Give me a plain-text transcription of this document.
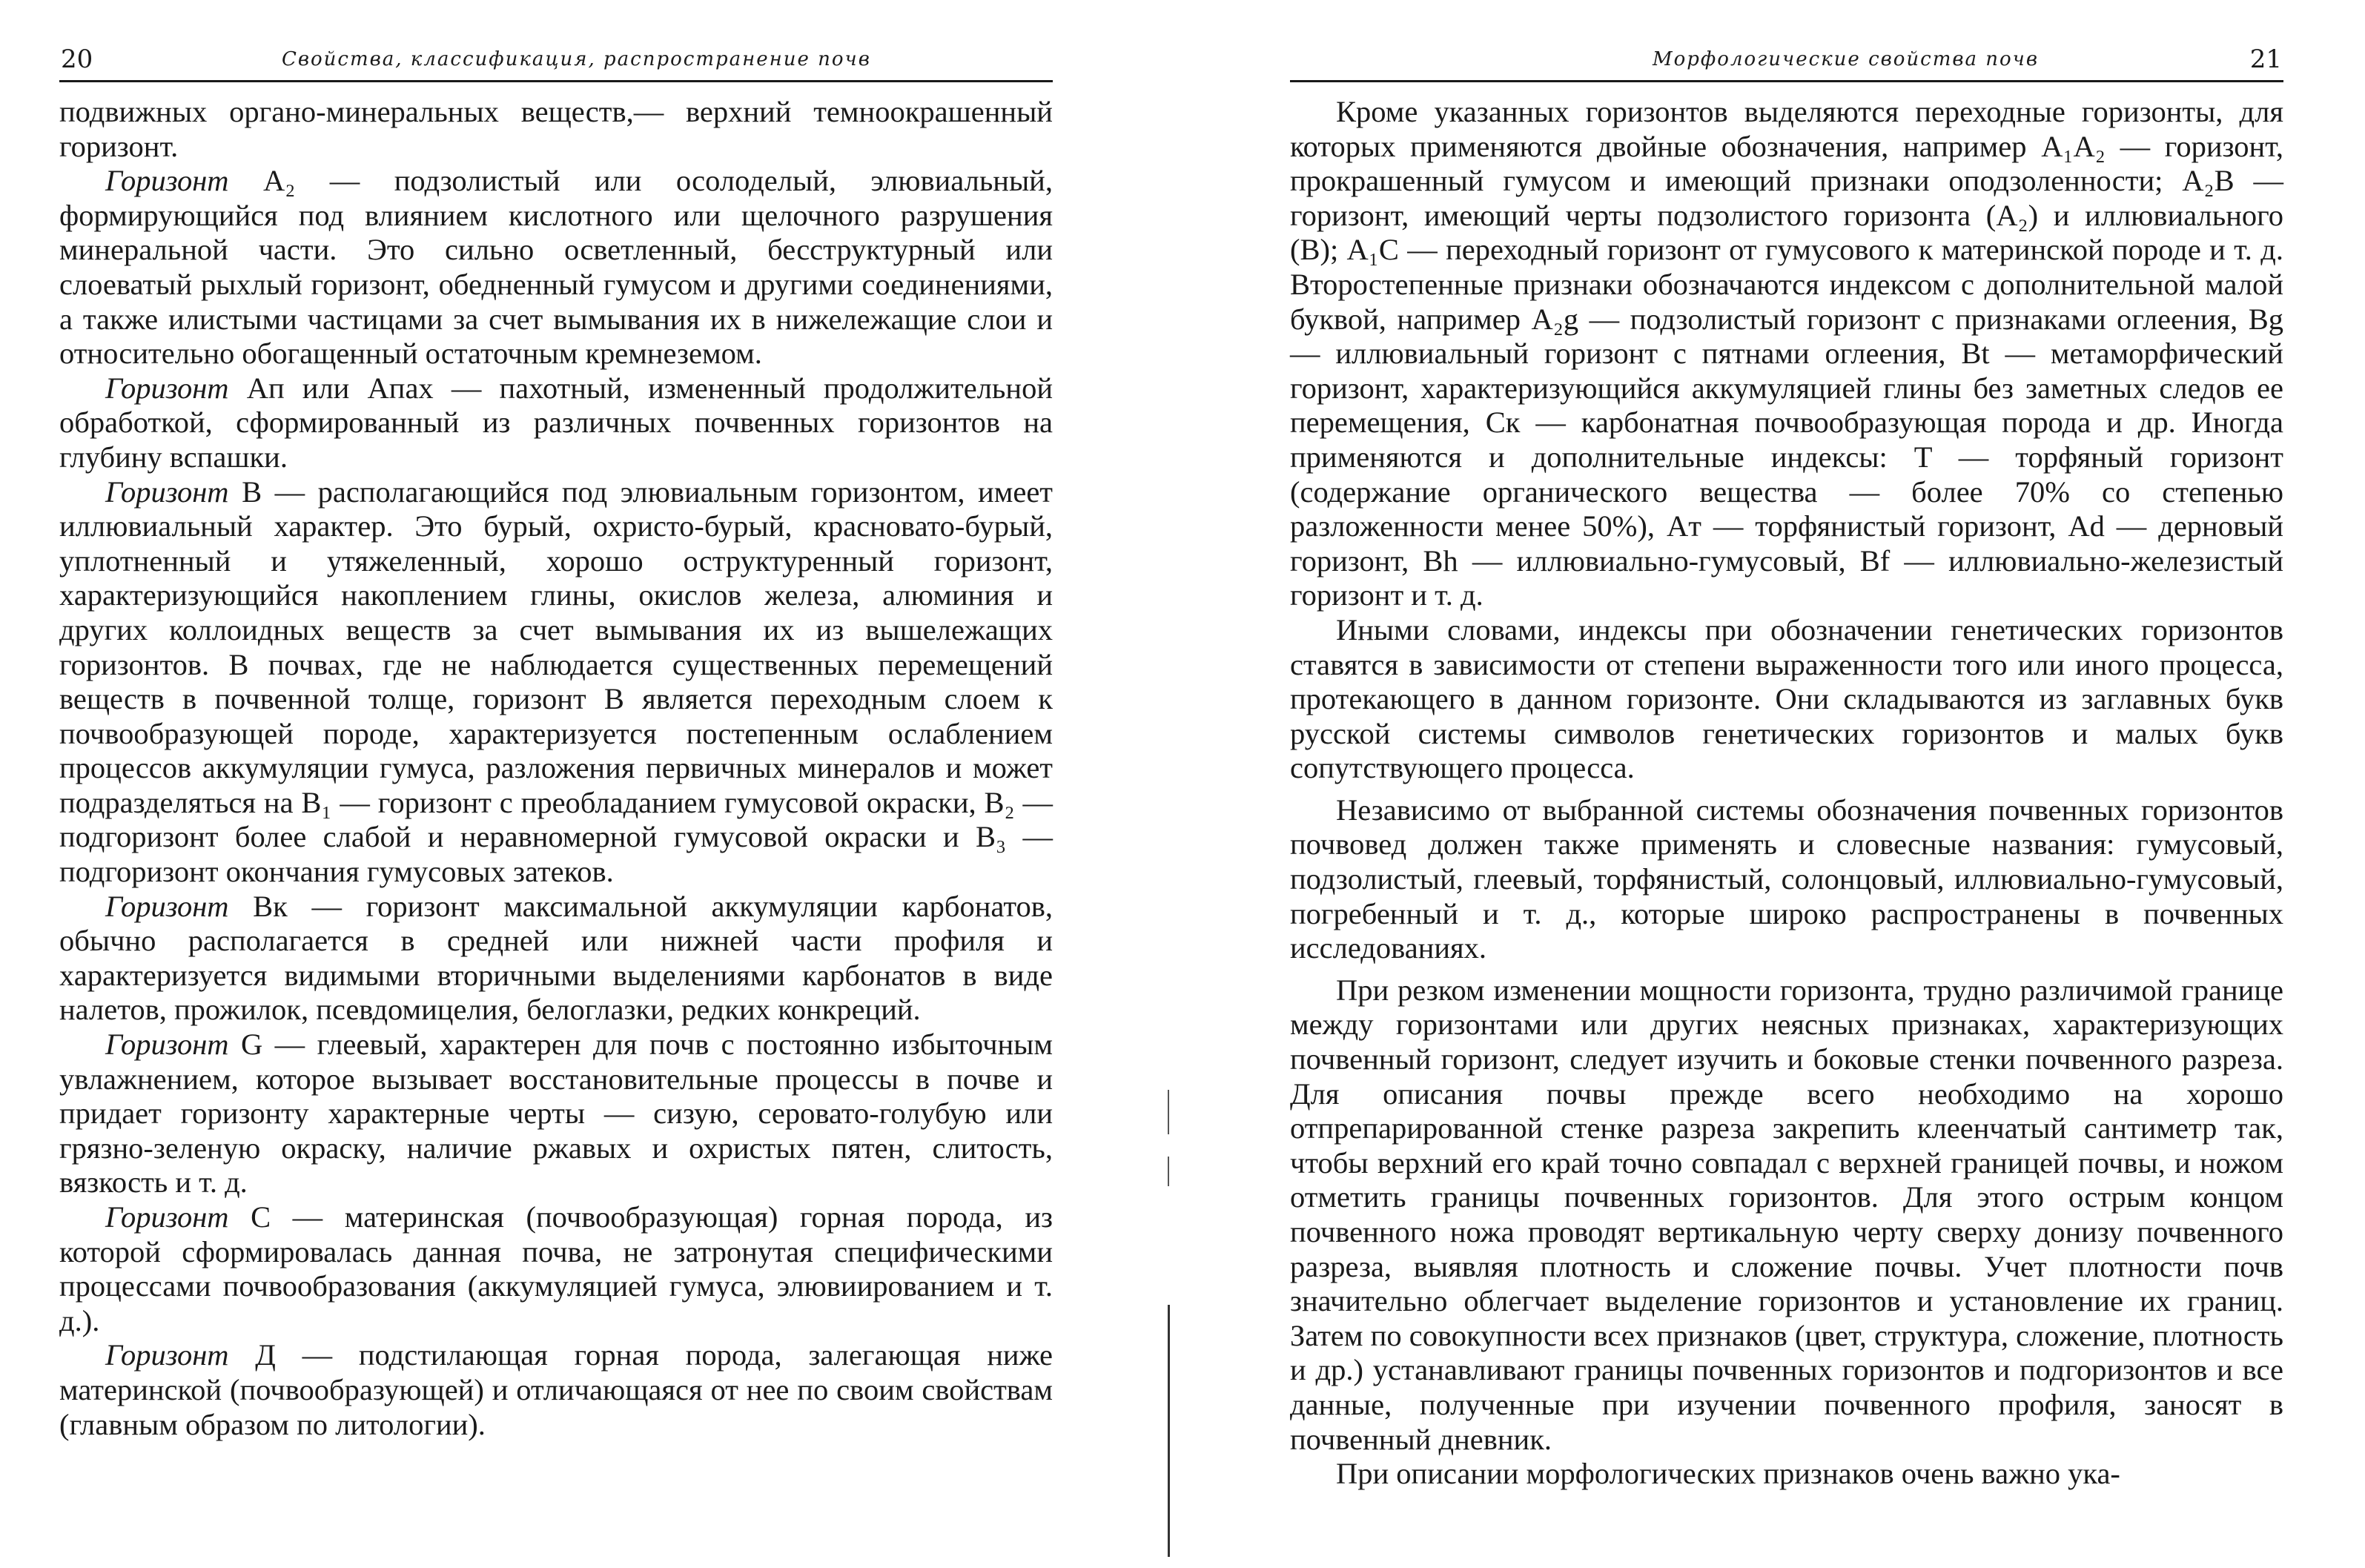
20	Свойства, классификация, распространение почв

подвижных органо-минеральных веществ,— верхний темноокрашенный горизонт.

Горизонт A₂ — подзолистый или осолоделый, элювиальный, формирующийся под влиянием кислотного или щелочного разрушения минеральной части. Это сильно осветленный, бесструктурный или слоеватый рыхлый горизонт, обедненный гумусом и другими соединениями, а также илистыми частицами за счет вымывания их в нижележащие слои и относительно обогащенный остаточным кремнеземом.

Горизонт Aп или Aпах — пахотный, измененный продолжительной обработкой, сформированный из различных почвенных горизонтов на глубину вспашки.

Горизонт B — располагающийся под элювиальным горизонтом, имеет иллювиальный характер. Это бурый, охристо-бурый, красновато-бурый, уплотненный и утяжеленный, хорошо оструктуренный горизонт, характеризующийся накоплением глины, окислов железа, алюминия и других коллоидных веществ за счет вымывания их из вышележащих горизонтов. В почвах, где не наблюдается существенных перемещений веществ в почвенной толще, горизонт B является переходным слоем к почвообразующей породе, характеризуется постепенным ослаблением процессов аккумуляции гумуса, разложения первичных минералов и может подразделяться на B₁ — горизонт с преобладанием гумусовой окраски, B₂ — подгоризонт более слабой и неравномерной гумусовой окраски и B₃ — подгоризонт окончания гумусовых затеков.

Горизонт Bк — горизонт максимальной аккумуляции карбонатов, обычно располагается в средней или нижней части профиля и характеризуется видимыми вторичными выделениями карбонатов в виде налетов, прожилок, псевдомицелия, белоглазки, редких конкреций.

Горизонт G — глеевый, характерен для почв с постоянно избыточным увлажнением, которое вызывает восстановительные процессы в почве и придает горизонту характерные черты — сизую, серовато-голубую или грязно-зеленую окраску, наличие ржавых и охристых пятен, слитость, вязкость и т. д.

Горизонт C — материнская (почвообразующая) горная порода, из которой сформировалась данная почва, не затронутая специфическими процессами почвообразования (аккумуляцией гумуса, элювиированием и т. д.).

Горизонт Д — подстилающая горная порода, залегающая ниже материнской (почвообразующей) и отличающаяся от нее по своим свойствам (главным образом по литологии).

Морфологические свойства почв	21

Кроме указанных горизонтов выделяются переходные горизонты, для которых применяются двойные обозначения, например A₁A₂ — горизонт, прокрашенный гумусом и имеющий признаки оподзоленности; A₂B — горизонт, имеющий черты подзолистого горизонта (A₂) и иллювиального (B); A₁C — переходный горизонт от гумусового к материнской породе и т. д. Второстепенные признаки обозначаются индексом с дополнительной малой буквой, например A₂g — подзолистый горизонт с признаками оглеения, Bg — иллювиальный горизонт с пятнами оглеения, Bt — метаморфический горизонт, характеризующийся аккумуляцией глины без заметных следов ее перемещения, Cк — карбонатная почвообразующая порода и др. Иногда применяются и дополнительные индексы: T — торфяный горизонт (содержание органического вещества — более 70% со степенью разложенности менее 50%), Aт — торфянистый горизонт, Ad — дерновый горизонт, Bh — иллювиально-гумусовый, Bf — иллювиально-железистый горизонт и т. д.

Иными словами, индексы при обозначении генетических горизонтов ставятся в зависимости от степени выраженности того или иного процесса, протекающего в данном горизонте. Они складываются из заглавных букв русской системы символов генетических горизонтов и малых букв сопутствующего процесса.

Независимо от выбранной системы обозначения почвенных горизонтов почвовед должен также применять и словесные названия: гумусовый, подзолистый, глеевый, торфянистый, солонцовый, иллювиально-гумусовый, погребенный и т. д., которые широко распространены в почвенных исследованиях.

При резком изменении мощности горизонта, трудно различимой границе между горизонтами или других неясных признаках, характеризующих почвенный горизонт, следует изучить и боковые стенки почвенного разреза. Для описания почвы прежде всего необходимо на хорошо отпрепарированной стенке разреза закрепить клеенчатый сантиметр так, чтобы верхний его край точно совпадал с верхней границей почвы, и ножом отметить границы почвенных горизонтов. Для этого острым концом почвенного ножа проводят вертикальную черту сверху донизу почвенного разреза, выявляя плотность и сложение почвы. Учет плотности почв значительно облегчает выделение горизонтов и установление их границ. Затем по совокупности всех признаков (цвет, структура, сложение, плотность и др.) устанавливают границы почвенных горизонтов и подгоризонтов и все данные, полученные при изучении почвенного профиля, заносят в почвенный дневник.

При описании морфологических признаков очень важно ука-
